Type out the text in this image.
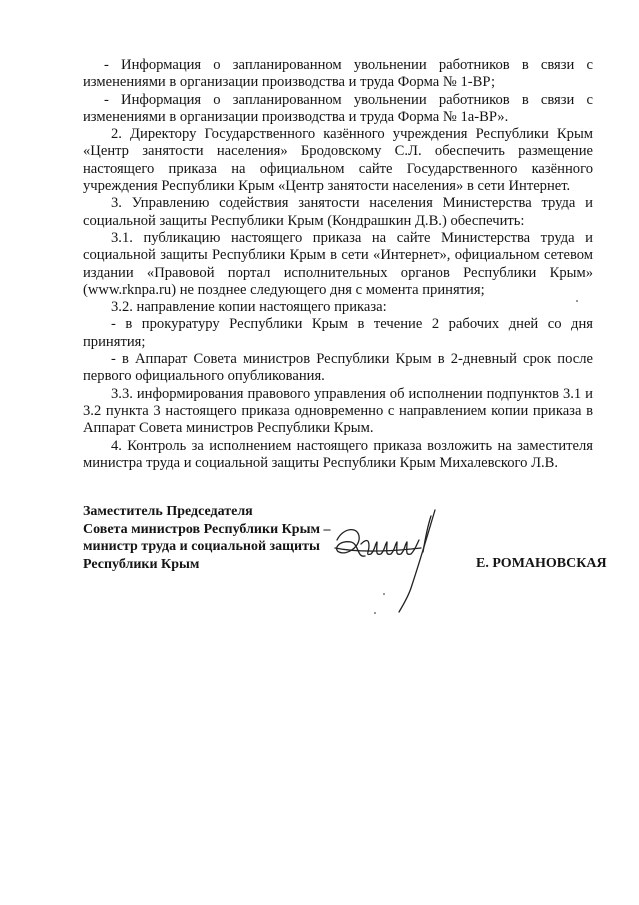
- Информация о запланированном увольнении работников в связи с изменениями в организации производства и труда Форма № 1-ВР;

- Информация о запланированном увольнении работников в связи с изменениями в организации производства и труда Форма № 1а-ВР».

2. Директору Государственного казённого учреждения Республики Крым «Центр занятости населения» Бродовскому С.Л. обеспечить размещение настоящего приказа на официальном сайте Государственного казённого учреждения Республики Крым «Центр занятости населения» в сети Интернет.

3. Управлению содействия занятости населения Министерства труда и социальной защиты Республики Крым (Кондрашкин Д.В.) обеспечить:

3.1. публикацию настоящего приказа на сайте Министерства труда и социальной защиты Республики Крым в сети «Интернет», официальном сетевом издании «Правовой портал исполнительных органов Республики Крым» (www.rknpa.ru) не позднее следующего дня с момента принятия;

3.2. направление копии настоящего приказа:

- в прокуратуру Республики Крым в течение 2 рабочих дней со дня принятия;

- в Аппарат Совета министров Республики Крым в 2-дневный срок после первого официального опубликования.

3.3. информирования правового управления об исполнении подпунктов 3.1 и 3.2 пункта 3 настоящего приказа одновременно с направлением копии приказа в Аппарат Совета министров Республики Крым.

4. Контроль за исполнением настоящего приказа возложить на заместителя министра труда и социальной защиты Республики Крым Михалевского Л.В.

Заместитель Председателя
Совета министров Республики Крым –
министр труда и социальной защиты
Республики Крым	Е. РОМАНОВСКАЯ
